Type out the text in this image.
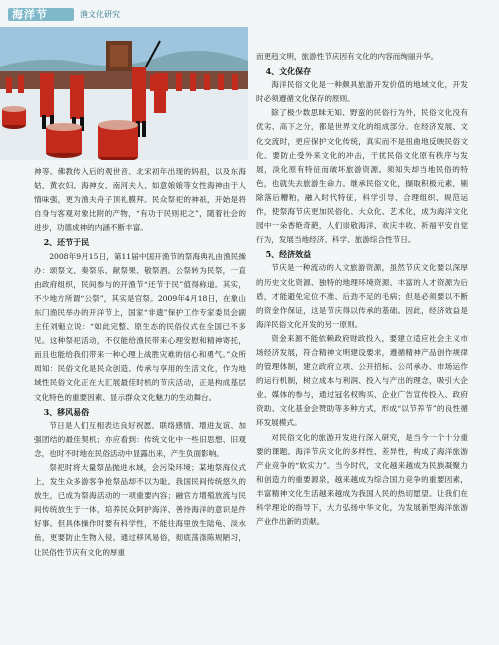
海洋节	渔文化研究

神等。佛教传入后的观世音、北宋初年出现的妈祖，以及东海姑、黄衣妇、海神女、南河夫人、如意娘娘等女性海神由于人情味强，更为渔夫舟子顶礼膜拜。民众祭祀的神祇，开始是将自身与客观对象比附的产物，“有功于民则祀之”，随着社会的进步，功德成神的内涵不断丰富。

2、还节于民

2008年9月15日，第11届中国开渔节的祭海典礼由渔民操办：颂祭文、奏祭乐、献祭果、敬祭酒。公祭转为民祭，一直由政府组织，民间参与的开渔节“还节于民”值得称道。其实，不少地方所谓“公祭”，其实是官祭。2009年4月18日，在象山东门渔民举办的开洋节上，国家“非遗”保护工作专家委员会副主任刘魁立说：“如此完整、原生态的民俗仪式在全国已不多见。这种祭祀活动，不仅能给渔民带来心理安慰和精神寄托，而且也能给我们带来一种心理上战胜灾难的信心和勇气。”众所周知：民俗文化是民众创造、传承与享用的生活文化，作为地域性民俗文化正在大汇展最佳时机的节庆活动，正是构成基层文化特色的重要因素、显示群众文化魅力的生动舞台。

3、移风易俗

节日是人们互相表达良好祝愿、联络感情、增进友谊、加强团结的最佳契机；亦应看到：传统文化中一些旧思想、旧观念，也时不时地在民俗活动中显露出来，产生负面影响。

祭祀时将大量祭品抛进水域，会污染环境；某地祭海仪式上，发生众多游客争抢祭品却不以为耻。我国民间传统悠久的放生，已成为祭海活动的一项重要内容；融官方增殖放流与民间传统放生于一体，培养民众阿护海洋、善待海洋的意识是件好事。但具体操作时要有科学性，不能往海里放生陆龟、淡水鱼，更要防止生物入侵。通过移风易俗，彻底荡涤陈规陋习，让民俗性节庆有文化的厚重

而更趋文明，旅游性节庆因有文化的内容而绚丽升华。

4、文化保存

海洋民俗文化是一种颇具旅游开发价值的地域文化，开发时必须遵循文化保存的原则。

除了极少数思昧无知、野蛮的民俗行为外，民俗文化没有优劣、高下之分，都是世界文化的组成部分。在经济发展、文化交流时，更应保护文化传统，真实而不是扭曲地反映民俗文化。要防止受外来文化的冲击，干扰民俗文化原有秩序与发展，淡化原有特征而破坏旅游资源。须知失却当地民俗的特色，也就失去旅游生命力。继承民俗文化，撷取积极元素，剔除落后糟粕，融入时代特征，科学引导、合理组织、规范运作，使祭海节庆更加民俗化、大众化、艺术化，成为海洋文化园中一朵香艳奇葩，人们崇敬海洋、欢庆丰收、祈福平安自觉行为，发展当地经济、科学、旅游综合性节日。

5、经济效益

节庆是一种流动的人文旅游资源，虽然节庆文化要以深厚的历史文化资源、独特的地理环境资源、丰富的人才资源为后盾，才能避免定位不准、后劲不足的毛病；但是必须要以不断的资金作保证，这是节庆得以传承的基础。因此，经济效益是海洋民俗文化开发的另一原则。

资金来源不能依赖政府财政投入，要建立适应社会主义市场经济发展，符合精神文明建设要求，遵循精神产品创作规律的管理体制，建立政府立项、公开招标、公司承办、市场运作的运行机制，树立成本与利润、投入与产出的理念，吸引大企业、媒体的参与，通过冠名权购买、企业广告宣传投入、政府资助、文化基金会赞助等多种方式，形成“以节养节”的良性循环发展模式。

对民俗文化的旅游开发进行深入研究，是当今一个十分重要的课题。海洋节庆文化的多样性、差异性，构成了海洋旅游产业竞争的“软实力”。当今时代，文化越来越成为民族凝聚力和创造力的重要源泉，越来越成为综合国力竞争的重要因素，丰富精神文化生活越来越成为我国人民的热切愿望。让我们在科学理论的指导下，大力弘扬中华文化，为发展新型海洋旅游产业作出新的贡献。
